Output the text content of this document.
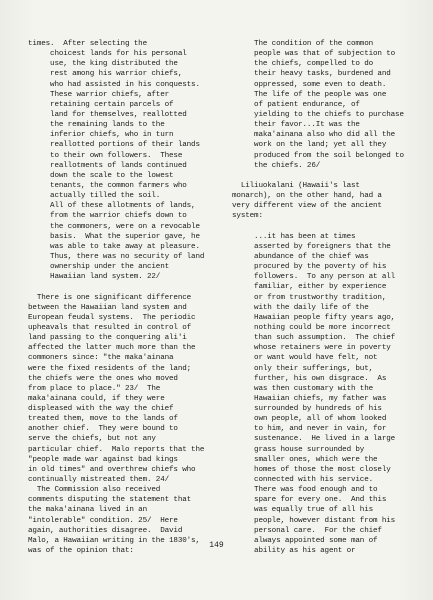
times.  After selecting the
choicest lands for his personal
use, the king distributed the
rest among his warrior chiefs,
who had assisted in his conquests.
These warrior chiefs, after
retaining certain parcels of
land for themselves, reallotted
the remaining lands to the
inferior chiefs, who in turn
reallotted portions of their lands
to their own followers.  These
reallotments of lands continued
down the scale to the lowest
tenants, the common farmers who
actually tilled the soil.
All of these allotments of lands,
from the warrior chiefs down to
the commoners, were on a revocable
basis.  What the superior gave, he
was able to take away at pleasure.
Thus, there was no security of land
ownership under the ancient
Hawaiian land system. 22/
There is one significant difference
between the Hawaiian land system and
European feudal systems.  The periodic
upheavals that resulted in control of
land passing to the conquering ali'i
affected the latter much more than the
commoners since: "the maka'ainana
were the fixed residents of the land;
the chiefs were the ones who moved
from place to place." 23/  The
maka'ainana could, if they were
displeased with the way the chief
treated them, move to the lands of
another chief.  They were bound to
serve the chiefs, but not any
particular chief.  Malo reports that the
"people made war against bad kings
in old times" and overthrew chiefs who
continually mistreated them. 24/
The Commission also received
comments disputing the statement that
the maka'ainana lived in an
"intolerable" condition. 25/  Here
again, authorities disagree.  David
Malo, a Hawaiian writing in the 1830's,
was of the opinion that:
The condition of the common
people was that of subjection to
the chiefs, compelled to do
their heavy tasks, burdened and
oppressed, some even to death.
The life of the people was one
of patient endurance, of
yielding to the chiefs to purchase
their favor...It was the
maka'ainana also who did all the
work on the land; yet all they
produced from the soil belonged to
the chiefs. 26/
Liliuokalani (Hawaii's last
monarch), on the other hand, had a
very different view of the ancient
system:
...it has been at times
asserted by foreigners that the
abundance of the chief was
procured by the poverty of his
followers.  To any person at all
familiar, either by experience
or from trustworthy tradition,
with the daily life of the
Hawaiian people fifty years ago,
nothing could be more incorrect
than such assumption.  The chief
whose retainers were in poverty
or want would have felt, not
only their sufferings, but,
further, his own disgrace.  As
was then customary with the
Hawaiian chiefs, my father was
surrounded by hundreds of his
own people, all of whom looked
to him, and never in vain, for
sustenance.  He lived in a large
grass house surrounded by
smaller ones, which were the
homes of those the most closely
connected with his service.
There was food enough and to
spare for every one.  And this
was equally true of all his
people, however distant from his
personal care.  For the chief
always appointed some man of
ability as his agent or
149
